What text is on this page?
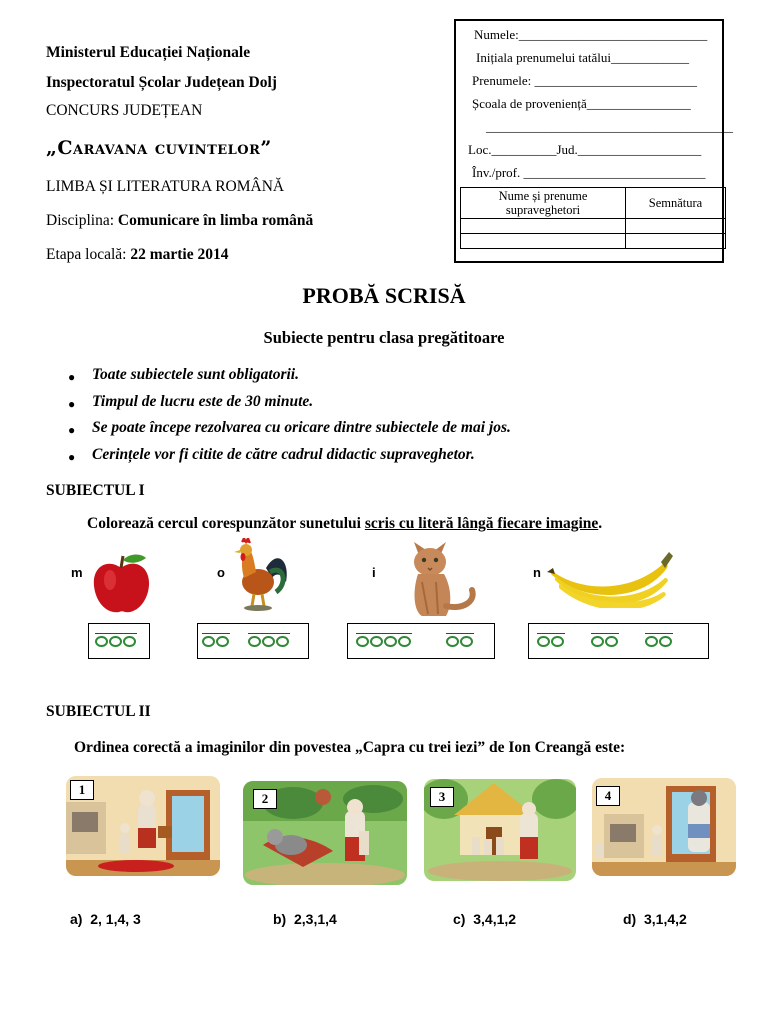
Ministerul Educației Naționale
Inspectoratul Școlar Județean Dolj
CONCURS JUDEȚEAN
„Caravana cuvintelor”
LIMBA ȘI LITERATURA ROMÂNĂ
Disciplina: Comunicare în limba română
Etapa locală: 22 martie 2014
Numele:_____________________________
Inițiala prenumelui tatălui____________
Prenumele: _________________________
Școala de proveniență________________
______________________________________
Loc.__________Jud.___________________
Înv./prof. ____________________________
Nume și prenume supraveghetori	Semnătura

PROBĂ SCRISĂ
Subiecte pentru clasa pregătitoare
● Toate subiectele sunt obligatorii.
● Timpul de lucru este de 30 minute.
● Se poate începe rezolvarea cu oricare dintre subiectele de mai jos.
● Cerințele vor fi citite de către cadrul didactic supraveghetor.
SUBIECTUL I
Colorează cercul corespunzător sunetului scris cu literă lângă fiecare imagine.
m	o	i	n
SUBIECTUL II
Ordinea corectă a imaginilor din povestea „Capra cu trei iezi” de Ion Creangă este:
1
2	3	4
a) 2, 1,4, 3	b) 2,3,1,4	c) 3,4,1,2	d) 3,1,4,2
